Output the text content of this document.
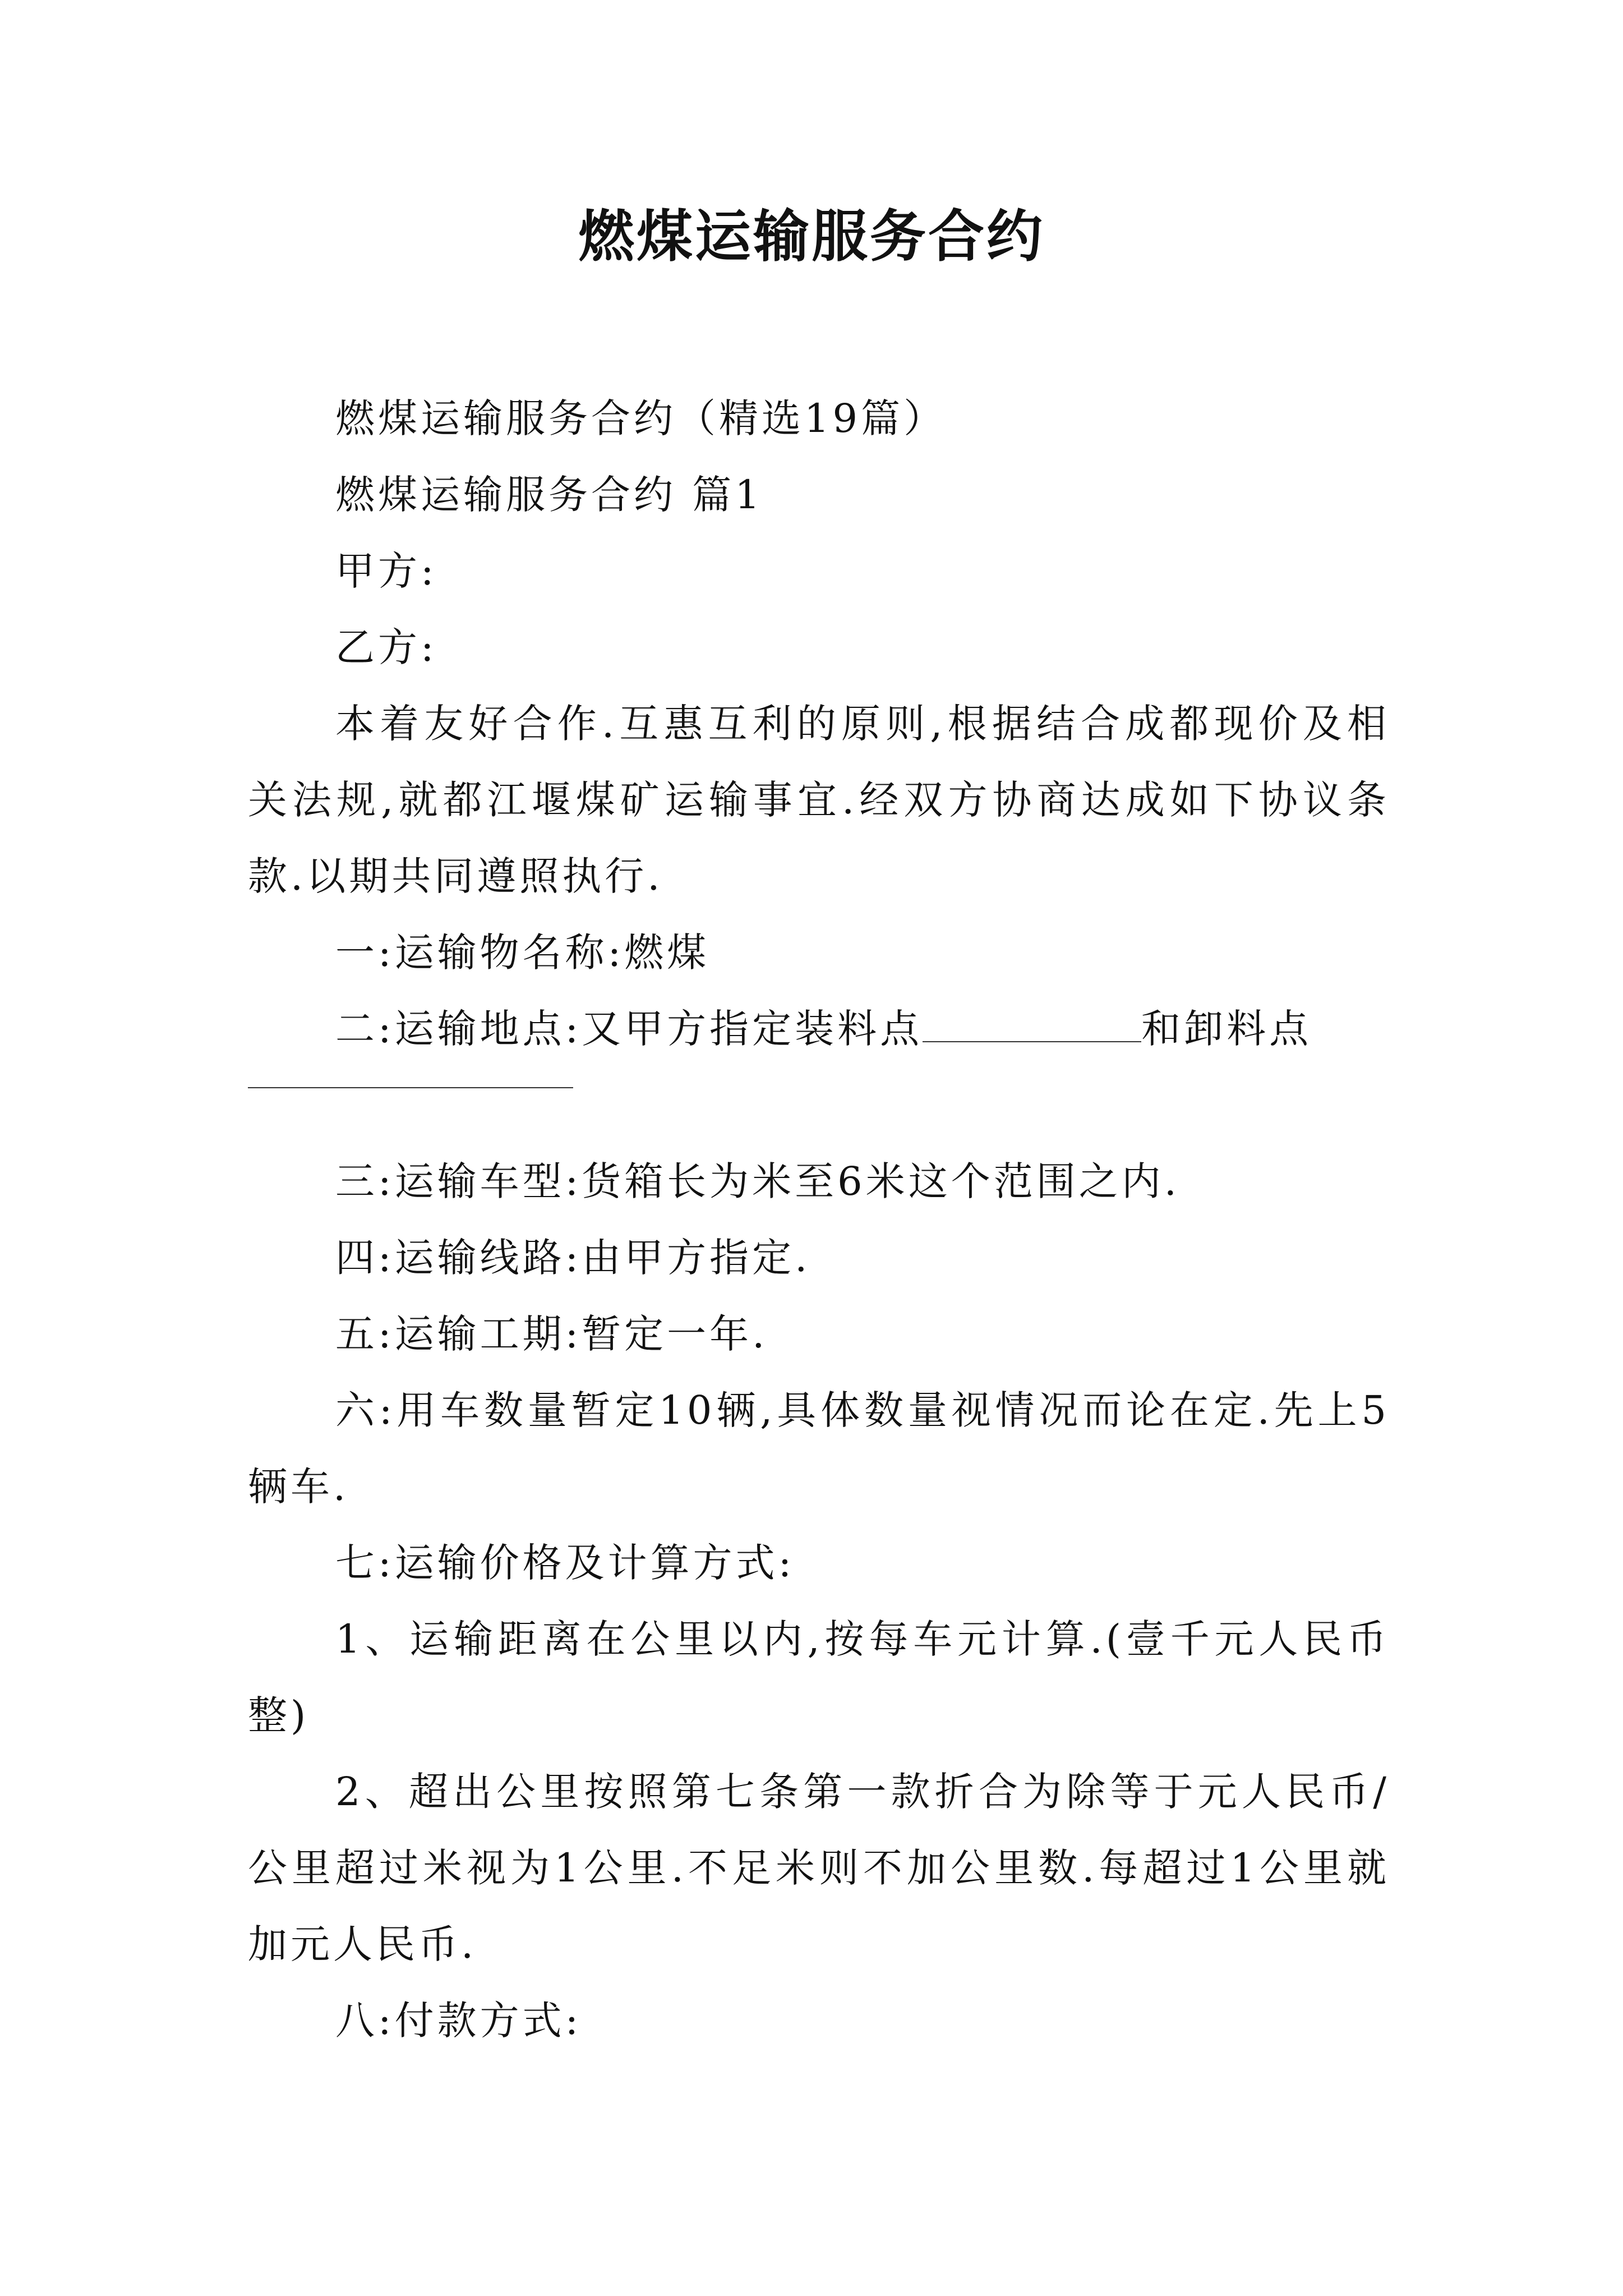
燃煤运输服务合约

燃煤运输服务合约（精选19篇）

燃煤运输服务合约 篇1

甲方:

乙方:

本着友好合作.互惠互利的原则,根据结合成都现价及相关法规,就都江堰煤矿运输事宜.经双方协商达成如下协议条款.以期共同遵照执行.

一:运输物名称:燃煤

二:运输地点:又甲方指定装料点	和卸料点

三:运输车型:货箱长为米至6米这个范围之内.

四:运输线路:由甲方指定.

五:运输工期:暂定一年.

六:用车数量暂定10辆,具体数量视情况而论在定.先上5辆车.

七:运输价格及计算方式:

1、运输距离在公里以内,按每车元计算.(壹千元人民币整)

2、超出公里按照第七条第一款折合为除等于元人民币/公里超过米视为1公里.不足米则不加公里数.每超过1公里就加元人民币.

八:付款方式:
